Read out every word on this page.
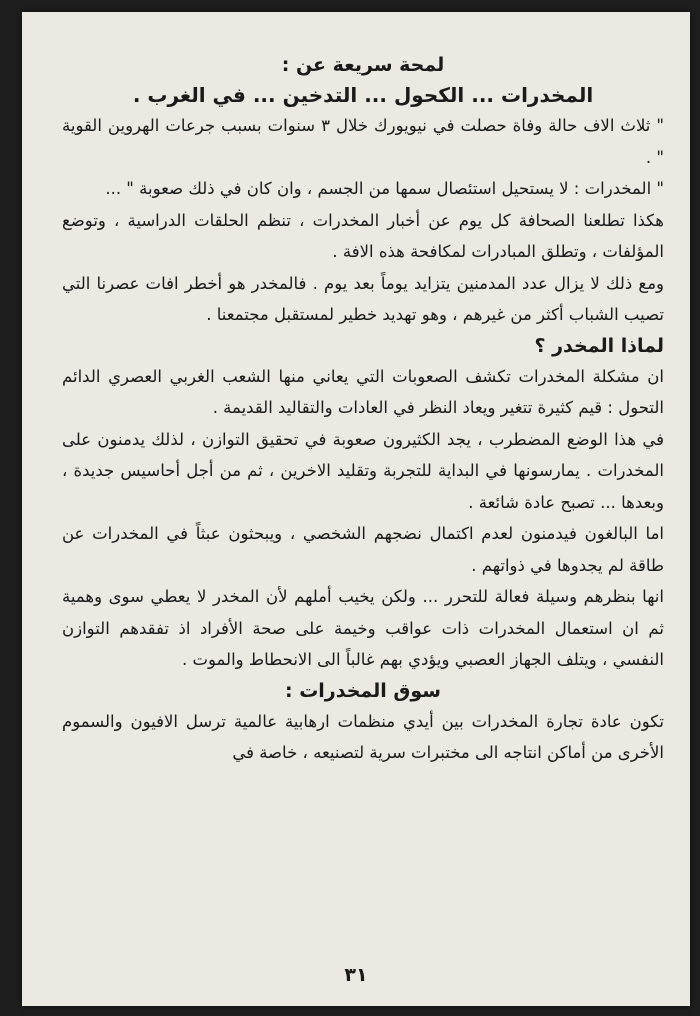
لمحة سريعة عن :
المخدرات ... الكحول ... التدخين ... في الغرب .

" ثلاث الاف حالة وفاة حصلت في نيويورك خلال ٣ سنوات بسبب جرعات الهروين القوية " .

" المخدرات : لا يستحيل استئصال سمها من الجسم ، وان كان في ذلك صعوبة " ...

هكذا تطلعنا الصحافة كل يوم عن أخبار المخدرات ، تنظم الحلقات الدراسية ، وتوضع المؤلفات ، وتطلق المبادرات لمكافحة هذه الافة .

ومع ذلك لا يزال عدد المدمنين يتزايد يوماً بعد يوم . فالمخدر هو أخطر افات عصرنا التي تصيب الشباب أكثر من غيرهم ، وهو تهديد خطير لمستقبل مجتمعنا .

لماذا المخدر ؟

ان مشكلة المخدرات تكشف الصعوبات التي يعاني منها الشعب الغربي العصري الدائم التحول : قيم كثيرة تتغير ويعاد النظر في العادات والتقاليد القديمة .

في هذا الوضع المضطرب ، يجد الكثيرون صعوبة في تحقيق التوازن ، لذلك يدمنون على المخدرات . يمارسونها في البداية للتجربة وتقليد الاخرين ، ثم من أجل أحاسيس جديدة ، وبعدها ... تصبح عادة شائعة .

اما البالغون فيدمنون لعدم اكتمال نضجهم الشخصي ، ويبحثون عبثاً في المخدرات عن طاقة لم يجدوها في ذواتهم .

انها بنظرهم وسيلة فعالة للتحرر ... ولكن يخيب أملهم لأن المخدر لا يعطي سوى وهمية ثم ان استعمال المخدرات ذات عواقب وخيمة على صحة الأفراد اذ تفقدهم التوازن النفسي ، ويتلف الجهاز العصبي ويؤدي بهم غالباً الى الانحطاط والموت .

سوق المخدرات :

تكون عادة تجارة المخدرات بين أيدي منظمات ارهابية عالمية ترسل الافيون والسموم الأخرى من أماكن انتاجه الى مختبرات سرية لتصنيعه ، خاصة في

٣١
